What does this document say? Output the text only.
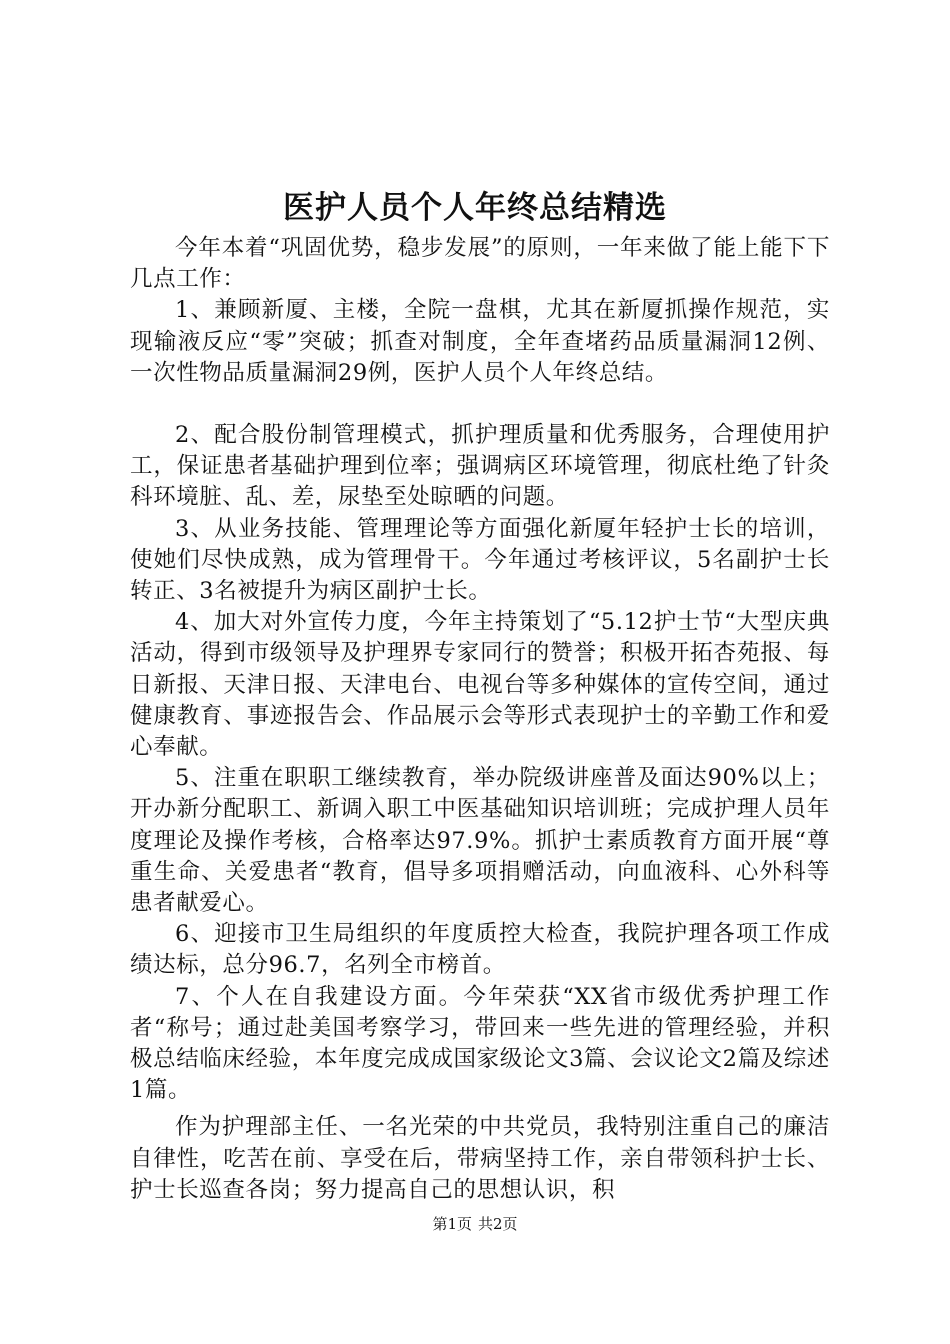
医护人员个人年终总结精选

今年本着“巩固优势，稳步发展”的原则，一年来做了能上能下下几点工作：

1、兼顾新厦、主楼，全院一盘棋，尤其在新厦抓操作规范，实现输液反应“零”突破；抓查对制度，全年查堵药品质量漏洞12例、一次性物品质量漏洞29例，医护人员个人年终总结。

2、配合股份制管理模式，抓护理质量和优秀服务，合理使用护工，保证患者基础护理到位率；强调病区环境管理，彻底杜绝了针灸科环境脏、乱、差，尿垫至处晾晒的问题。

3、从业务技能、管理理论等方面强化新厦年轻护士长的培训，使她们尽快成熟，成为管理骨干。今年通过考核评议，5名副护士长转正、3名被提升为病区副护士长。

4、加大对外宣传力度，今年主持策划了“5.12护士节“大型庆典活动，得到市级领导及护理界专家同行的赞誉；积极开拓杏苑报、每日新报、天津日报、天津电台、电视台等多种媒体的宣传空间，通过健康教育、事迹报告会、作品展示会等形式表现护士的辛勤工作和爱心奉献。

5、注重在职职工继续教育，举办院级讲座普及面达90%以上；开办新分配职工、新调入职工中医基础知识培训班；完成护理人员年度理论及操作考核，合格率达97.9%。抓护士素质教育方面开展“尊重生命、关爱患者“教育，倡导多项捐赠活动，向血液科、心外科等患者献爱心。

6、迎接市卫生局组织的年度质控大检查，我院护理各项工作成绩达标，总分96.7，名列全市榜首。

7、个人在自我建设方面。今年荣获“XX省市级优秀护理工作者“称号；通过赴美国考察学习，带回来一些先进的管理经验，并积极总结临床经验，本年度完成成国家级论文3篇、会议论文2篇及综述1篇。

作为护理部主任、一名光荣的中共党员，我特别注重自己的廉洁自律性，吃苦在前、享受在后，带病坚持工作，亲自带领科护士长、护士长巡查各岗；努力提高自己的思想认识，积

第1页 共2页
